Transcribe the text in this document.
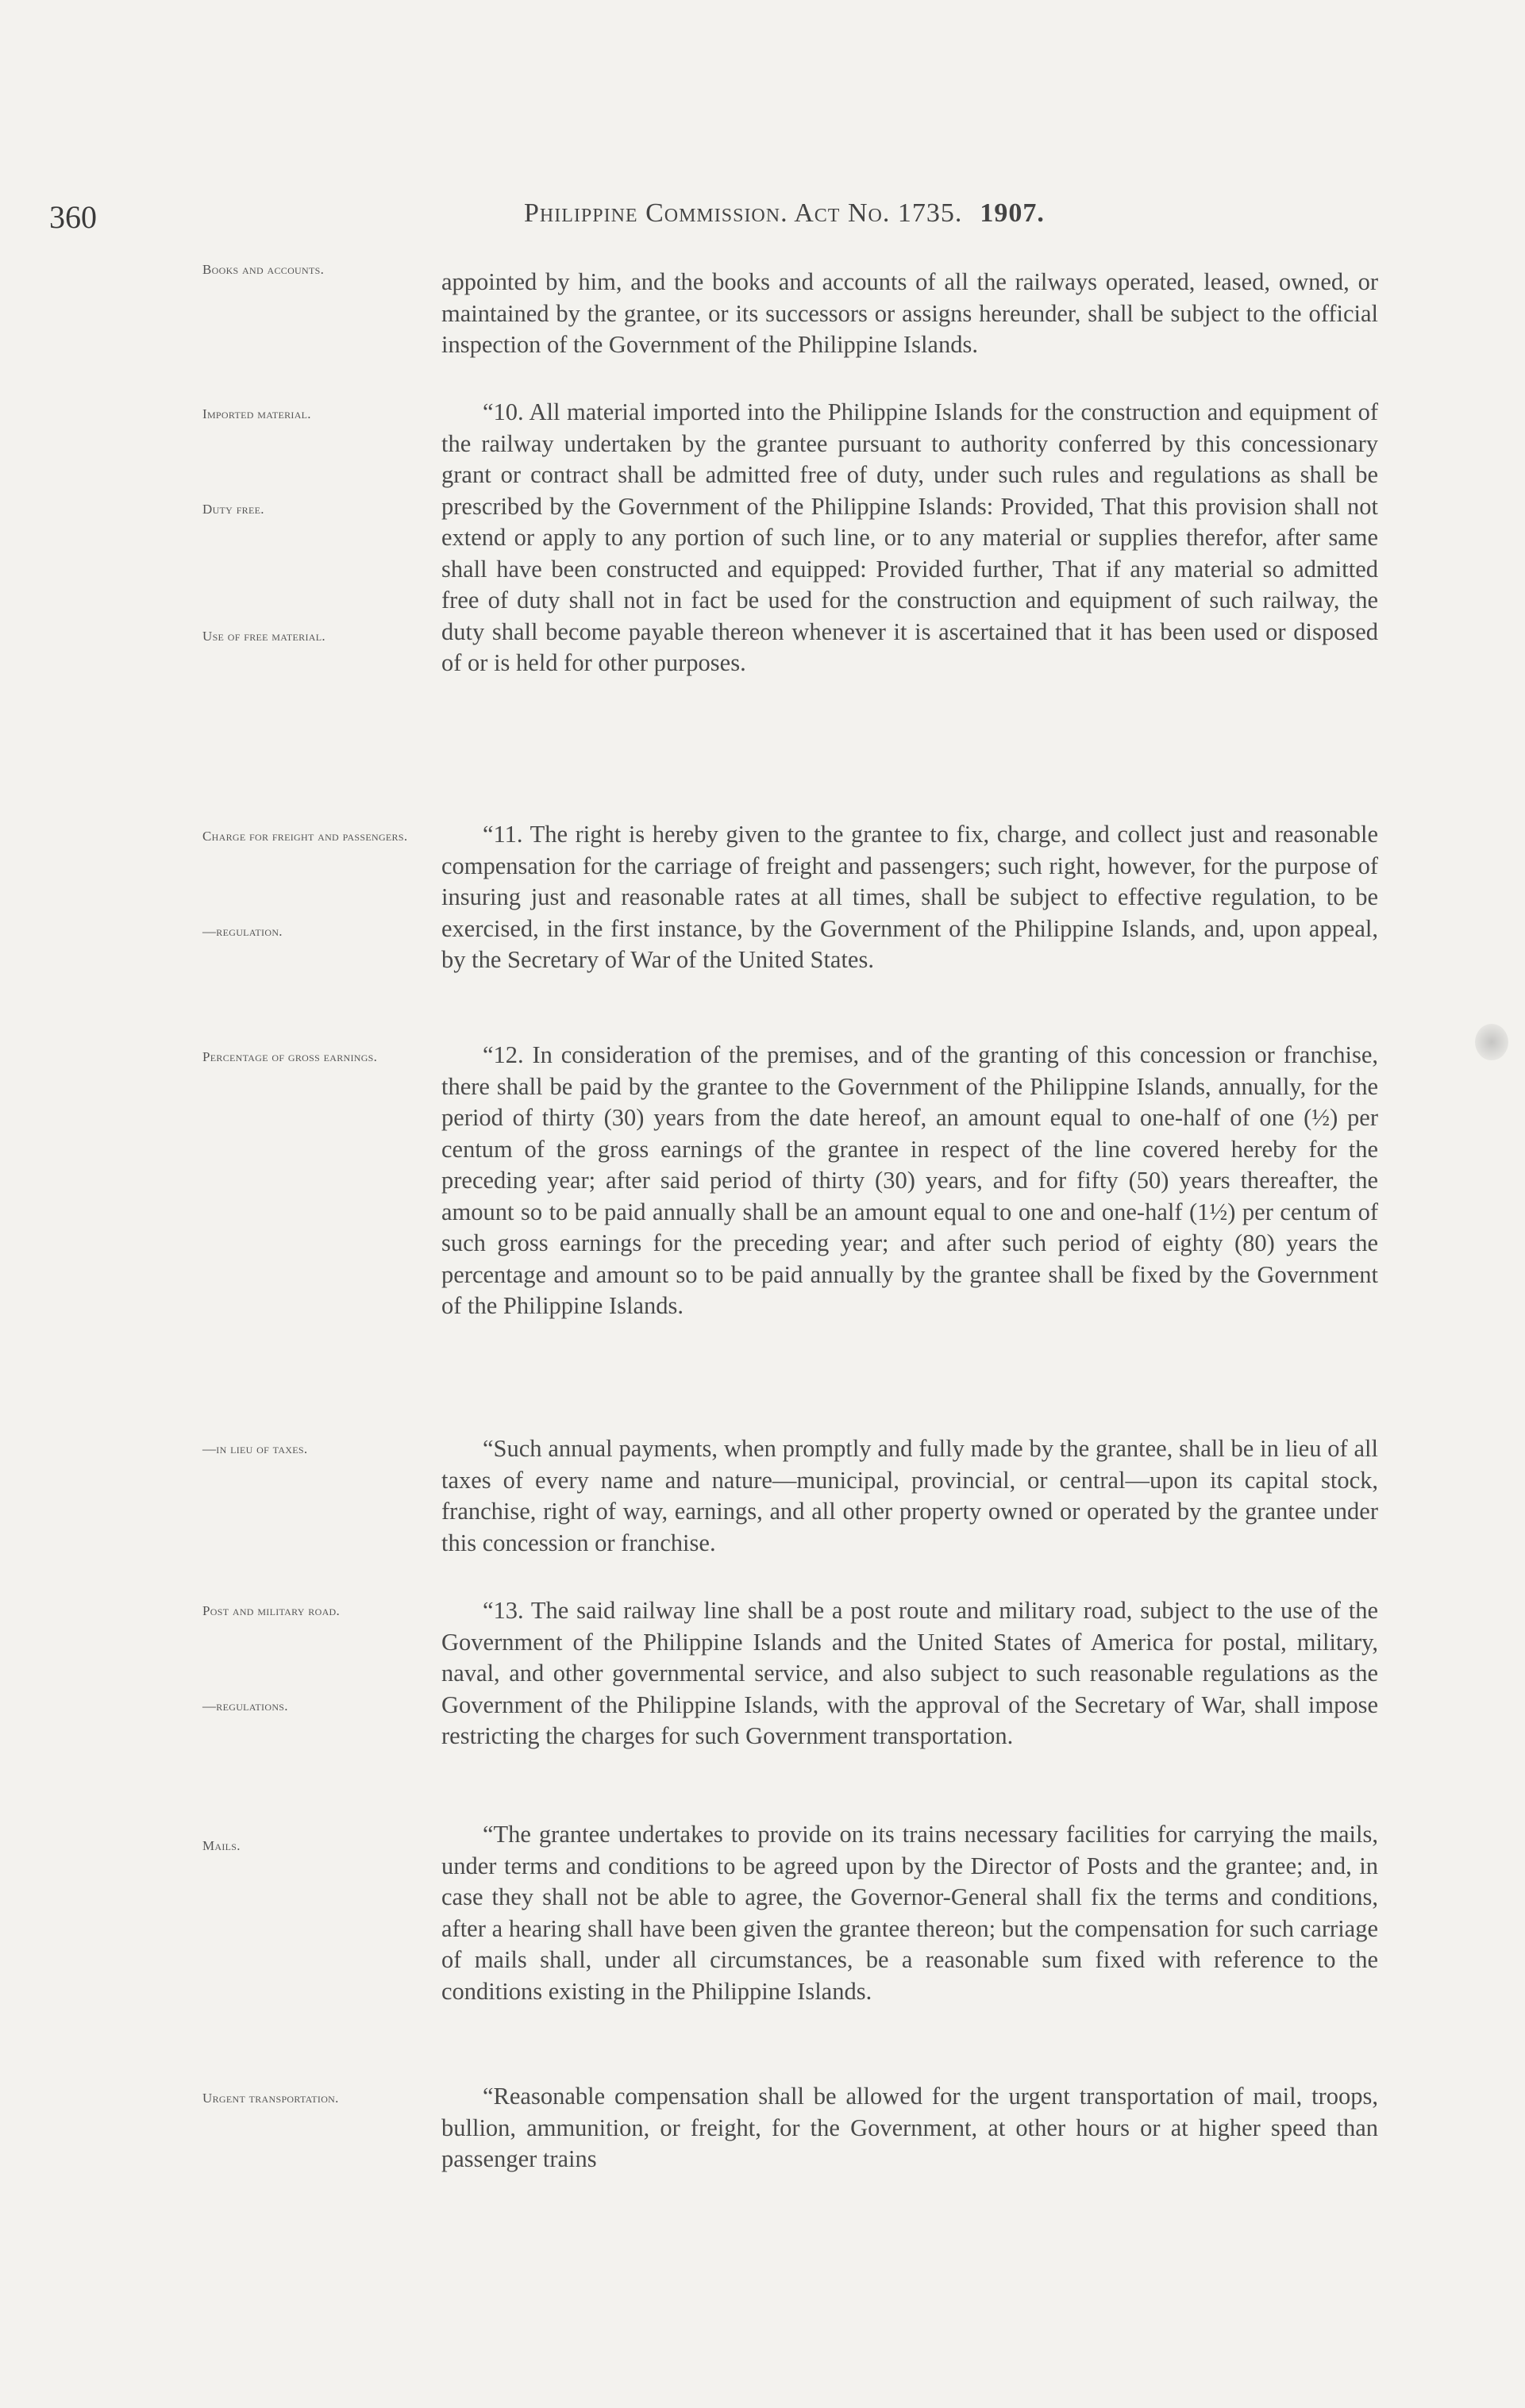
360	Philippine Commission. Act No. 1735. 1907.
Books and accounts.
Imported material.
Duty free.
Use of free material.
Charge for freight and passengers.
—regulation.
Percentage of gross earnings.
—in lieu of taxes.
Post and military road.
—regulations.
Mails.
Urgent transportation.
appointed by him, and the books and accounts of all the railways operated, leased, owned, or maintained by the grantee, or its successors or assigns hereunder, shall be subject to the official inspection of the Government of the Philippine Islands.
“10. All material imported into the Philippine Islands for the construction and equipment of the railway undertaken by the grantee pursuant to authority conferred by this concessionary grant or contract shall be admitted free of duty, under such rules and regulations as shall be prescribed by the Government of the Philippine Islands: Provided, That this provision shall not extend or apply to any portion of such line, or to any material or supplies therefor, after same shall have been constructed and equipped: Provided further, That if any material so admitted free of duty shall not in fact be used for the construction and equipment of such railway, the duty shall become payable thereon whenever it is ascertained that it has been used or disposed of or is held for other purposes.
“11. The right is hereby given to the grantee to fix, charge, and collect just and reasonable compensation for the carriage of freight and passengers; such right, however, for the purpose of insuring just and reasonable rates at all times, shall be subject to effective regulation, to be exercised, in the first instance, by the Government of the Philippine Islands, and, upon appeal, by the Secretary of War of the United States.
“12. In consideration of the premises, and of the granting of this concession or franchise, there shall be paid by the grantee to the Government of the Philippine Islands, annually, for the period of thirty (30) years from the date hereof, an amount equal to one-half of one (½) per centum of the gross earnings of the grantee in respect of the line covered hereby for the preceding year; after said period of thirty (30) years, and for fifty (50) years thereafter, the amount so to be paid annually shall be an amount equal to one and one-half (1½) per centum of such gross earnings for the preceding year; and after such period of eighty (80) years the percentage and amount so to be paid annually by the grantee shall be fixed by the Government of the Philippine Islands.
“Such annual payments, when promptly and fully made by the grantee, shall be in lieu of all taxes of every name and nature—municipal, provincial, or central—upon its capital stock, franchise, right of way, earnings, and all other property owned or operated by the grantee under this concession or franchise.
“13. The said railway line shall be a post route and military road, subject to the use of the Government of the Philippine Islands and the United States of America for postal, military, naval, and other governmental service, and also subject to such reasonable regulations as the Government of the Philippine Islands, with the approval of the Secretary of War, shall impose restricting the charges for such Government transportation.
“The grantee undertakes to provide on its trains necessary facilities for carrying the mails, under terms and conditions to be agreed upon by the Director of Posts and the grantee; and, in case they shall not be able to agree, the Governor-General shall fix the terms and conditions, after a hearing shall have been given the grantee thereon; but the compensation for such carriage of mails shall, under all circumstances, be a reasonable sum fixed with reference to the conditions existing in the Philippine Islands.
“Reasonable compensation shall be allowed for the urgent transportation of mail, troops, bullion, ammunition, or freight, for the Government, at other hours or at higher speed than passenger trains
